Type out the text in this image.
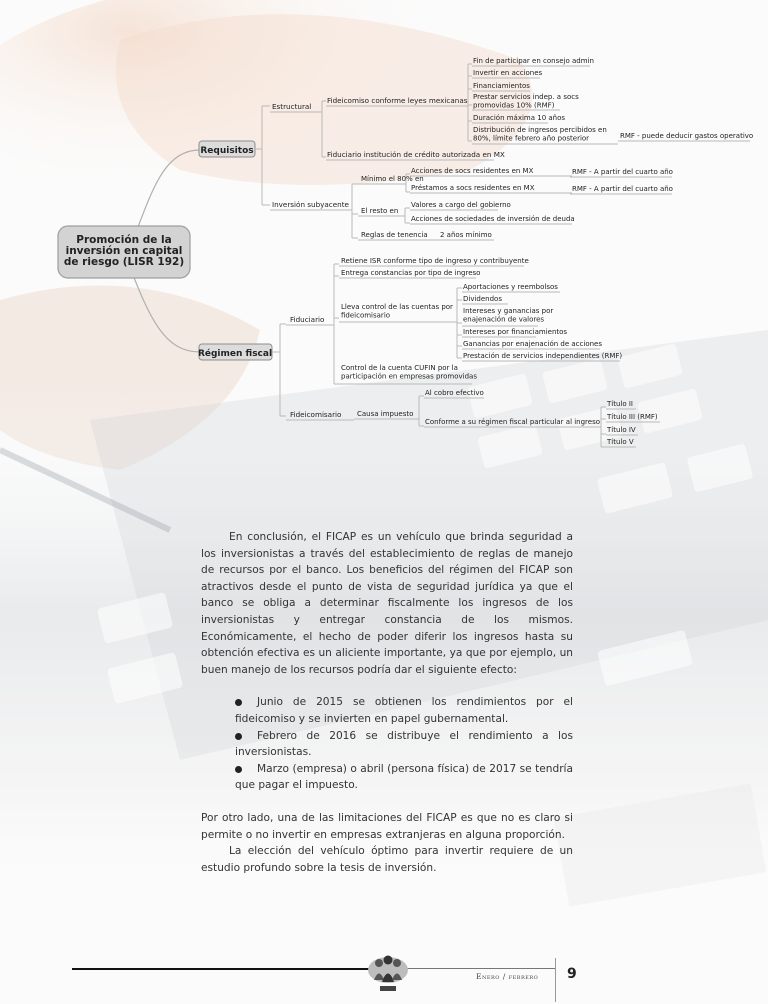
Promoción de la inversión en capital de riesgo (LISR 192)
Requisitos
Régimen fiscal
Estructural
Fideicomiso conforme leyes mexicanas
Fin de participar en consejo admin
Invertir en acciones
Financiamientos
Prestar servicios indep. a socs promovidas 10% (RMF)
Duración máxima 10 años
Distribución de ingresos percibidos en 80%, límite febrero año posterior	RMF - puede deducir gastos operativo
Fiduciario institución de crédito autorizada en MX
Inversión subyacente
Mínimo el 80% en
Acciones de socs residentes en MX
Préstamos a socs residentes en MX
RMF - A partir del cuarto año
RMF - A partir del cuarto año
El resto en
Valores a cargo del gobierno
Acciones de sociedades de inversión de deuda
Reglas de tenencia 2 años mínimo
Fiduciario
Retiene ISR conforme tipo de ingreso y contribuyente
Entrega constancias por tipo de ingreso
Lleva control de las cuentas por fideicomisario
Aportaciones y reembolsos
Dividendos
Intereses y ganancias por enajenación de valores
Intereses por financiamientos
Ganancias por enajenación de acciones
Prestación de servicios independientes (RMF)
Control de la cuenta CUFIN por la participación en empresas promovidas
Fideicomisario Causa impuesto
Al cobro efectivo
Conforme a su régimen fiscal particular al ingreso
Título II
Título III (RMF)
Título IV
Título V

En conclusión, el FICAP es un vehículo que brinda seguridad a los inversionistas a través del establecimiento de reglas de manejo de recursos por el banco. Los beneficios del régimen del FICAP son atractivos desde el punto de vista de seguridad jurídica ya que el banco se obliga a determinar fiscalmente los ingresos de los inversionistas y entregar constancia de los mismos. Económicamente, el hecho de poder diferir los ingresos hasta su obtención efectiva es un aliciente importante, ya que por ejemplo, un buen manejo de los recursos podría dar el siguiente efecto:

Junio de 2015 se obtienen los rendimientos por el fideicomiso y se invierten en papel gubernamental.
Febrero de 2016 se distribuye el rendimiento a los inversionistas.
Marzo (empresa) o abril (persona física) de 2017 se tendría que pagar el impuesto.

Por otro lado, una de las limitaciones del FICAP es que no es claro si permite o no invertir en empresas extranjeras en alguna proporción.

La elección del vehículo óptimo para invertir requiere de un estudio profundo sobre la tesis de inversión.

Enero / febrero 9
